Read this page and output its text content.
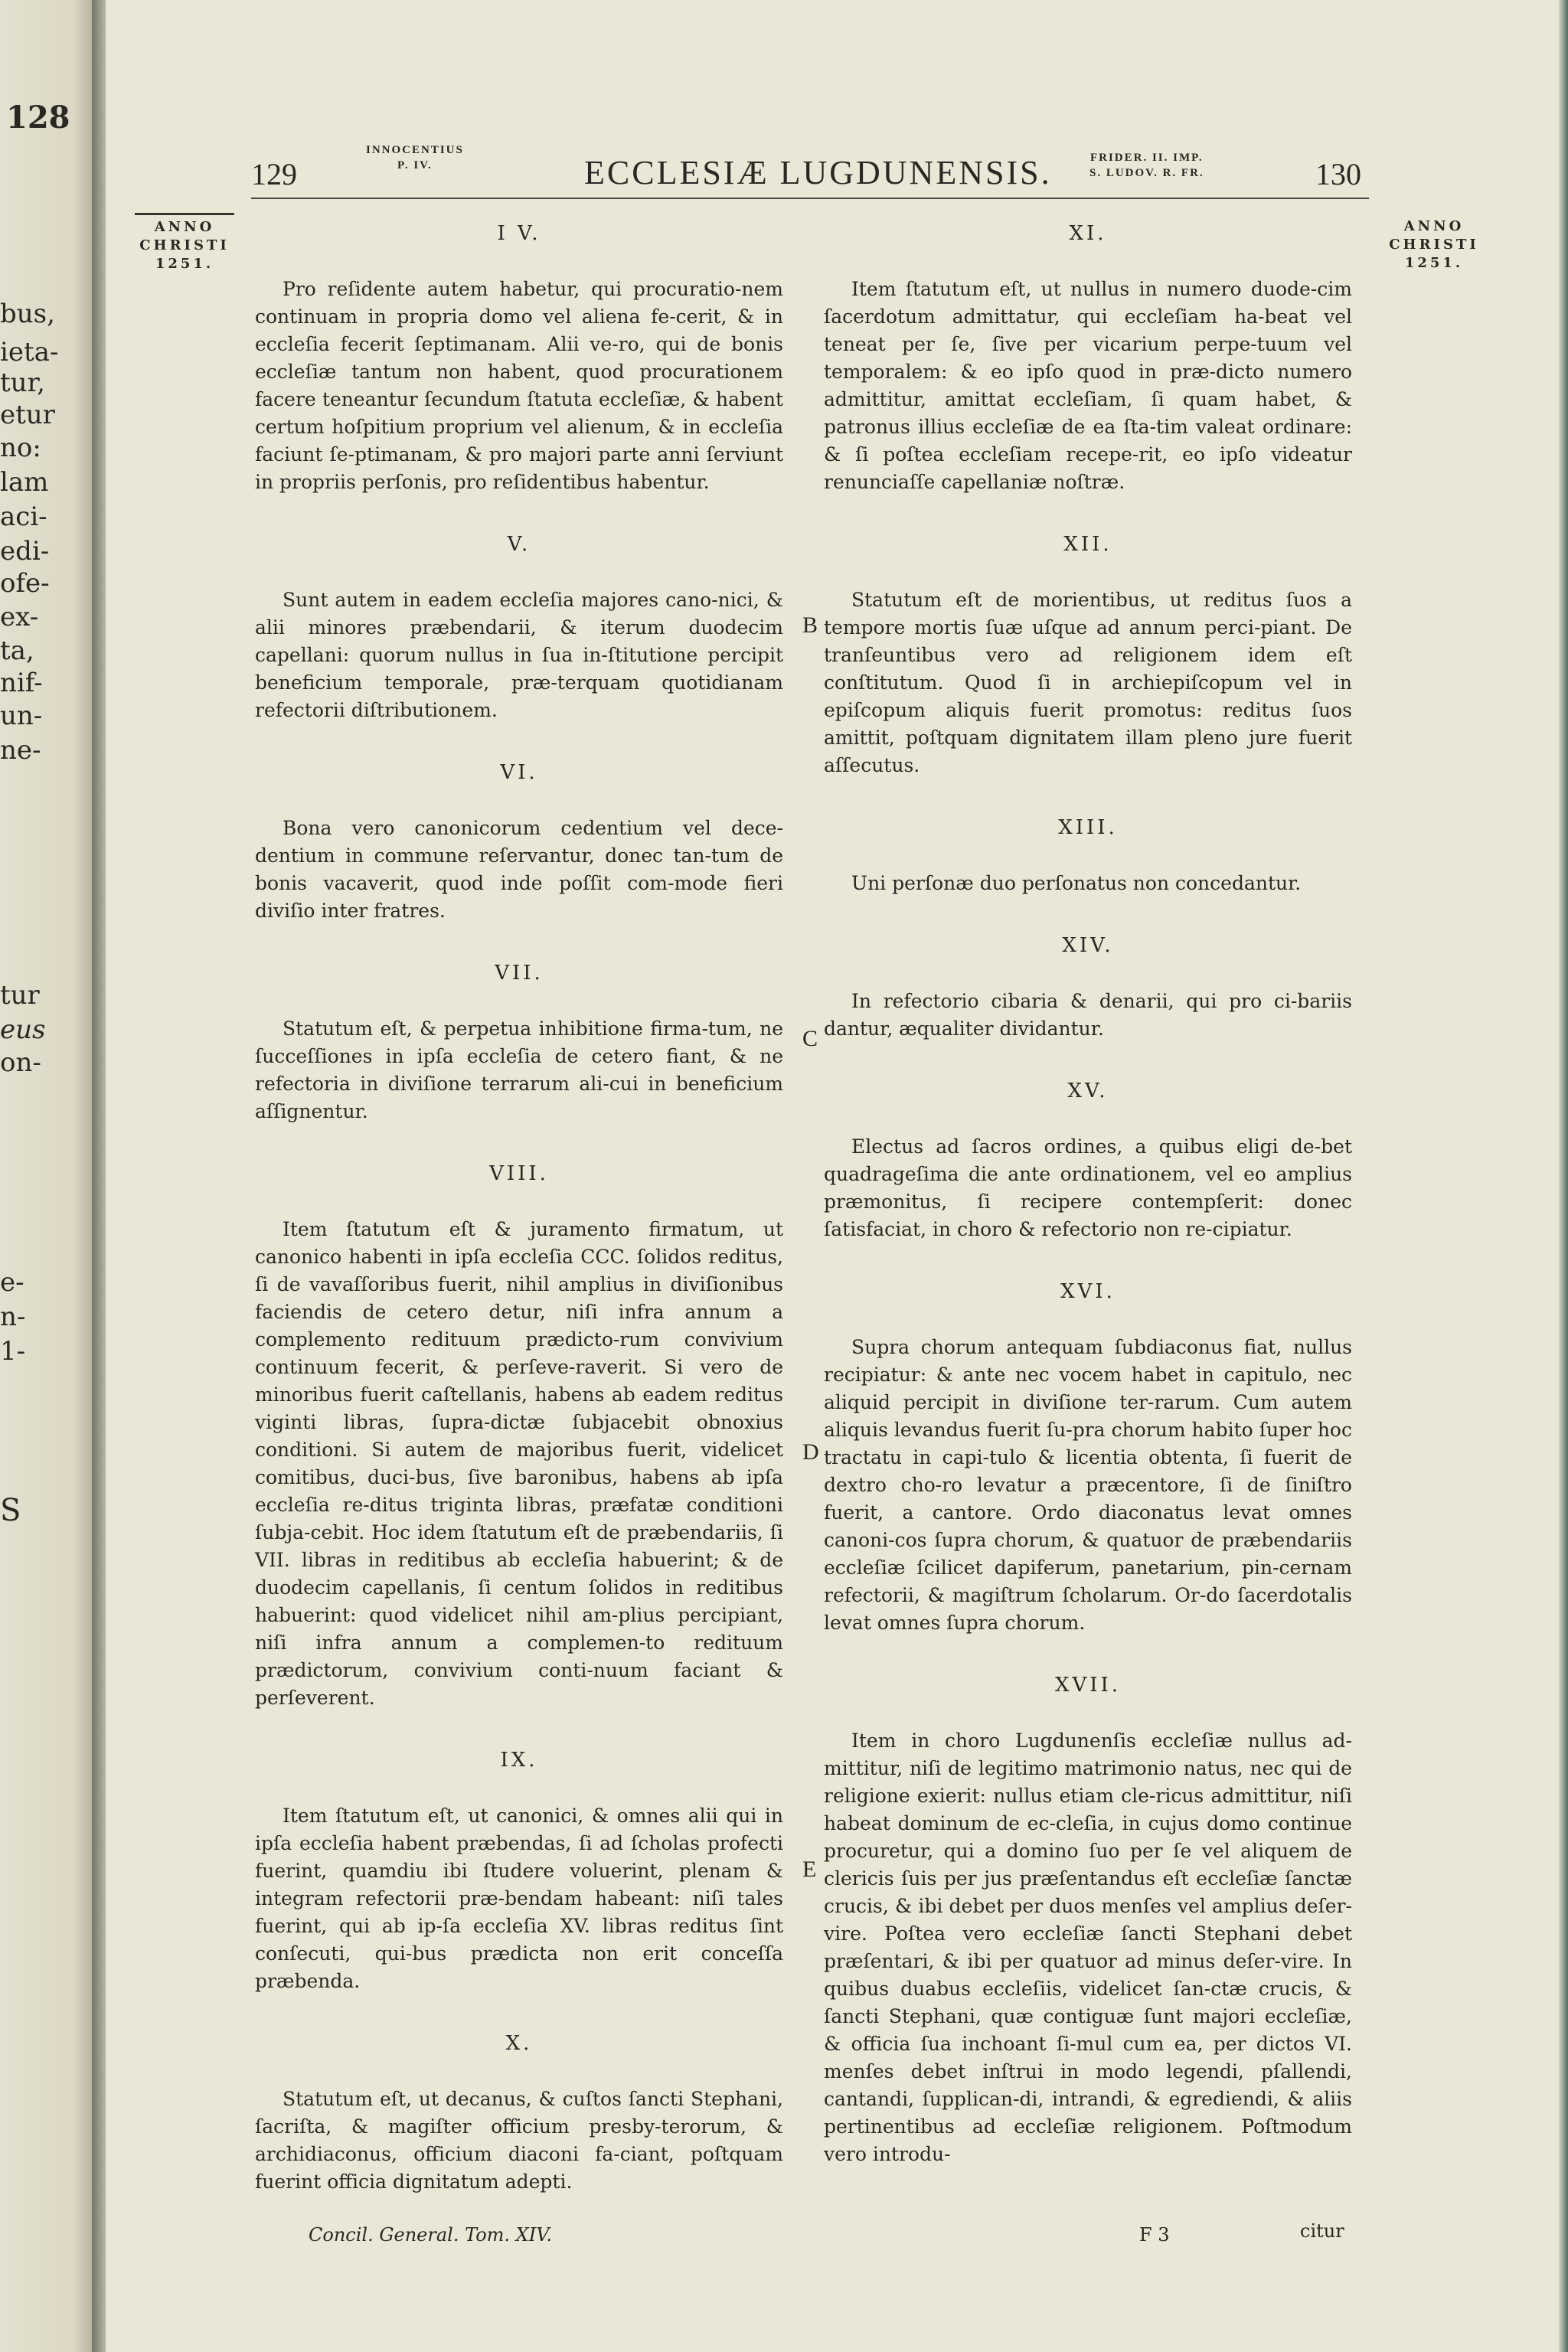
128
bus,
ieta-
tur,
etur
no:
lam
aci-
edi-
ofe-
ex-
ta,
nif-
un-
ne-
tur
eus
on-
e-
n-
1-
S
129
INNOCENTIUS
P. IV.	ECCLESIÆ LUGDUNENSIS.	FRIDER. II. IMP.
S. LUDOV. R. FR.	130
ANNO
CHRISTI
1251.
ANNO
CHRISTI
1251.
B
C
D
E
I V.

Pro reſidente autem habetur, qui procuratio-nem continuam in propria domo vel aliena fe-cerit, & in eccleſia fecerit ſeptimanam. Alii ve-ro, qui de bonis eccleſiæ tantum non habent, quod procurationem facere teneantur ſecundum ſtatuta eccleſiæ, & habent certum hoſpitium proprium vel alienum, & in eccleſia faciunt ſe-ptimanam, & pro majori parte anni ſerviunt in propriis perſonis, pro reſidentibus habentur.

V.

Sunt autem in eadem eccleſia majores cano-nici, & alii minores præbendarii, & iterum duodecim capellani: quorum nullus in ſua in-ſtitutione percipit beneficium temporale, præ-terquam quotidianam refectorii diſtributionem.

VI.

Bona vero canonicorum cedentium vel dece-dentium in commune reſervantur, donec tan-tum de bonis vacaverit, quod inde poſſit com-mode fieri diviſio inter fratres.

VII.

Statutum eſt, & perpetua inhibitione firma-tum, ne ſucceſſiones in ipſa eccleſia de cetero fiant, & ne refectoria in diviſione terrarum ali-cui in beneficium aſſignentur.

VIII.

Item ſtatutum eſt & juramento firmatum, ut canonico habenti in ipſa eccleſia CCC. ſolidos reditus, ſi de vavaſſoribus fuerit, nihil amplius in diviſionibus faciendis de cetero detur, niſi infra annum a complemento redituum prædicto-rum convivium continuum fecerit, & perſeve-raverit. Si vero de minoribus fuerit caſtellanis, habens ab eadem reditus viginti libras, ſupra-dictæ ſubjacebit obnoxius conditioni. Si autem de majoribus fuerit, videlicet comitibus, duci-bus, ſive baronibus, habens ab ipſa eccleſia re-ditus triginta libras, præfatæ conditioni ſubja-cebit. Hoc idem ſtatutum eſt de præbendariis, ſi VII. libras in reditibus ab eccleſia habuerint; & de duodecim capellanis, ſi centum ſolidos in reditibus habuerint: quod videlicet nihil am-plius percipiant, niſi infra annum a complemen-to redituum prædictorum, convivium conti-nuum faciant & perſeverent.

IX.

Item ſtatutum eſt, ut canonici, & omnes alii qui in ipſa eccleſia habent præbendas, ſi ad ſcholas profecti fuerint, quamdiu ibi ſtudere voluerint, plenam & integram refectorii præ-bendam habeant: niſi tales fuerint, qui ab ip-ſa eccleſia XV. libras reditus ſint conſecuti, qui-bus prædicta non erit conceſſa præbenda.

X.

Statutum eſt, ut decanus, & cuſtos ſancti Stephani, ſacriſta, & magiſter officium presby-terorum, & archidiaconus, officium diaconi fa-ciant, poſtquam fuerint officia dignitatum adepti.

XI.

Item ſtatutum eſt, ut nullus in numero duode-cim ſacerdotum admittatur, qui eccleſiam ha-beat vel teneat per ſe, ſive per vicarium perpe-tuum vel temporalem: & eo ipſo quod in præ-dicto numero admittitur, amittat eccleſiam, ſi quam habet, & patronus illius eccleſiæ de ea ſta-tim valeat ordinare: & ſi poſtea eccleſiam recepe-rit, eo ipſo videatur renunciaſſe capellaniæ noſtræ.

XII.

Statutum eſt de morientibus, ut reditus ſuos a tempore mortis ſuæ uſque ad annum perci-piant. De tranſeuntibus vero ad religionem idem eſt conſtitutum. Quod ſi in archiepiſcopum vel in epiſcopum aliquis fuerit promotus: reditus ſuos amittit, poſtquam dignitatem illam pleno jure fuerit aſſecutus.

XIII.

Uni perſonæ duo perſonatus non concedantur.

XIV.

In refectorio cibaria & denarii, qui pro ci-bariis dantur, æqualiter dividantur.

XV.

Electus ad ſacros ordines, a quibus eligi de-bet quadrageſima die ante ordinationem, vel eo amplius præmonitus, ſi recipere contempſerit: donec ſatisfaciat, in choro & refectorio non re-cipiatur.

XVI.

Supra chorum antequam ſubdiaconus fiat, nullus recipiatur: & ante nec vocem habet in capitulo, nec aliquid percipit in diviſione ter-rarum. Cum autem aliquis levandus fuerit ſu-pra chorum habito ſuper hoc tractatu in capi-tulo & licentia obtenta, ſi fuerit de dextro cho-ro levatur a præcentore, ſi de ſiniſtro fuerit, a cantore. Ordo diaconatus levat omnes canoni-cos ſupra chorum, & quatuor de præbendariis eccleſiæ ſcilicet dapiferum, panetarium, pin-cernam refectorii, & magiſtrum ſcholarum. Or-do ſacerdotalis levat omnes ſupra chorum.

XVII.

Item in choro Lugdunenſis eccleſiæ nullus ad-mittitur, niſi de legitimo matrimonio natus, nec qui de religione exierit: nullus etiam cle-ricus admittitur, niſi habeat dominum de ec-cleſia, in cujus domo continue procuretur, qui a domino ſuo per ſe vel aliquem de clericis ſuis per jus præſentandus eſt eccleſiæ ſanctæ crucis, & ibi debet per duos menſes vel amplius deſer-vire. Poſtea vero eccleſiæ ſancti Stephani debet præſentari, & ibi per quatuor ad minus deſer-vire. In quibus duabus eccleſiis, videlicet ſan-ctæ crucis, & ſancti Stephani, quæ contiguæ ſunt majori eccleſiæ, & officia ſua inchoant ſi-mul cum ea, per dictos VI. menſes debet inſtrui in modo legendi, pſallendi, cantandi, ſupplican-di, intrandi, & egrediendi, & aliis pertinentibus ad eccleſiæ religionem. Poſtmodum vero introdu-

Concil. General. Tom. XIV.	F 3	citur
